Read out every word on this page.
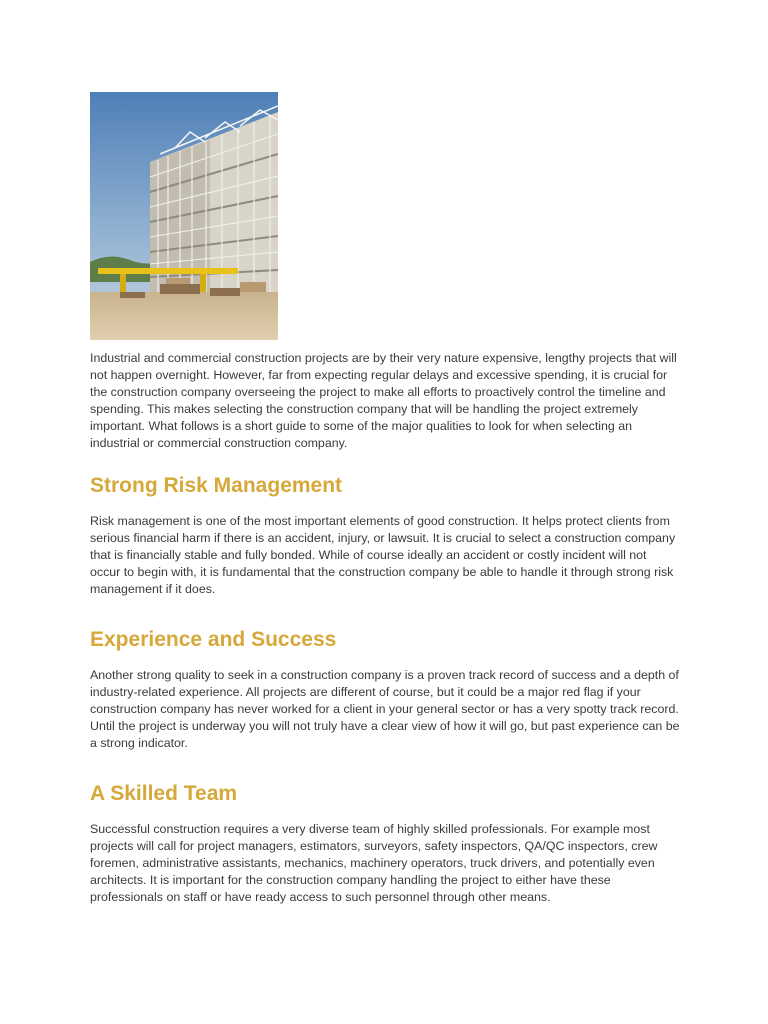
Industrial and commercial construction projects are by their very nature expensive, lengthy projects that will not happen overnight. However, far from expecting regular delays and excessive spending, it is crucial for the construction company overseeing the project to make all efforts to proactively control the timeline and spending. This makes selecting the construction company that will be handling the project extremely important. What follows is a short guide to some of the major qualities to look for when selecting an industrial or commercial construction company.

Strong Risk Management

Risk management is one of the most important elements of good construction. It helps protect clients from serious financial harm if there is an accident, injury, or lawsuit. It is crucial to select a construction company that is financially stable and fully bonded. While of course ideally an accident or costly incident will not occur to begin with, it is fundamental that the construction company be able to handle it through strong risk management if it does.

Experience and Success

Another strong quality to seek in a construction company is a proven track record of success and a depth of industry-related experience. All projects are different of course, but it could be a major red flag if your construction company has never worked for a client in your general sector or has a very spotty track record. Until the project is underway you will not truly have a clear view of how it will go, but past experience can be a strong indicator.

A Skilled Team

Successful construction requires a very diverse team of highly skilled professionals. For example most projects will call for project managers, estimators, surveyors, safety inspectors, QA/QC inspectors, crew foremen, administrative assistants, mechanics, machinery operators, truck drivers, and potentially even architects. It is important for the construction company handling the project to either have these professionals on staff or have ready access to such personnel through other means.
